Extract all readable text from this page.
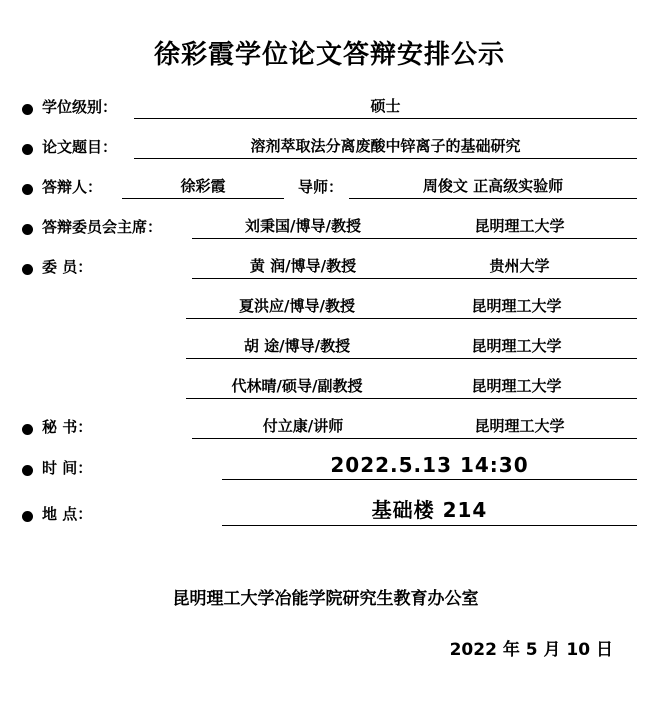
徐彩霞学位论文答辩安排公示
学位级别：	硕士
论文题目：	溶剂萃取法分离废酸中锌离子的基础研究
答辩人：	徐彩霞	导师：	周俊文 正高级实验师
答辩委员会主席：	刘秉国/博导/教授	昆明理工大学
委 员：	黄 润/博导/教授	贵州大学
夏洪应/博导/教授	昆明理工大学
胡 途/博导/教授	昆明理工大学
代林晴/硕导/副教授	昆明理工大学
秘 书：	付立康/讲师	昆明理工大学
时 间：	2022.5.13 14:30
地 点：	基础楼 214
昆明理工大学冶能学院研究生教育办公室
2022 年 5 月 10 日
